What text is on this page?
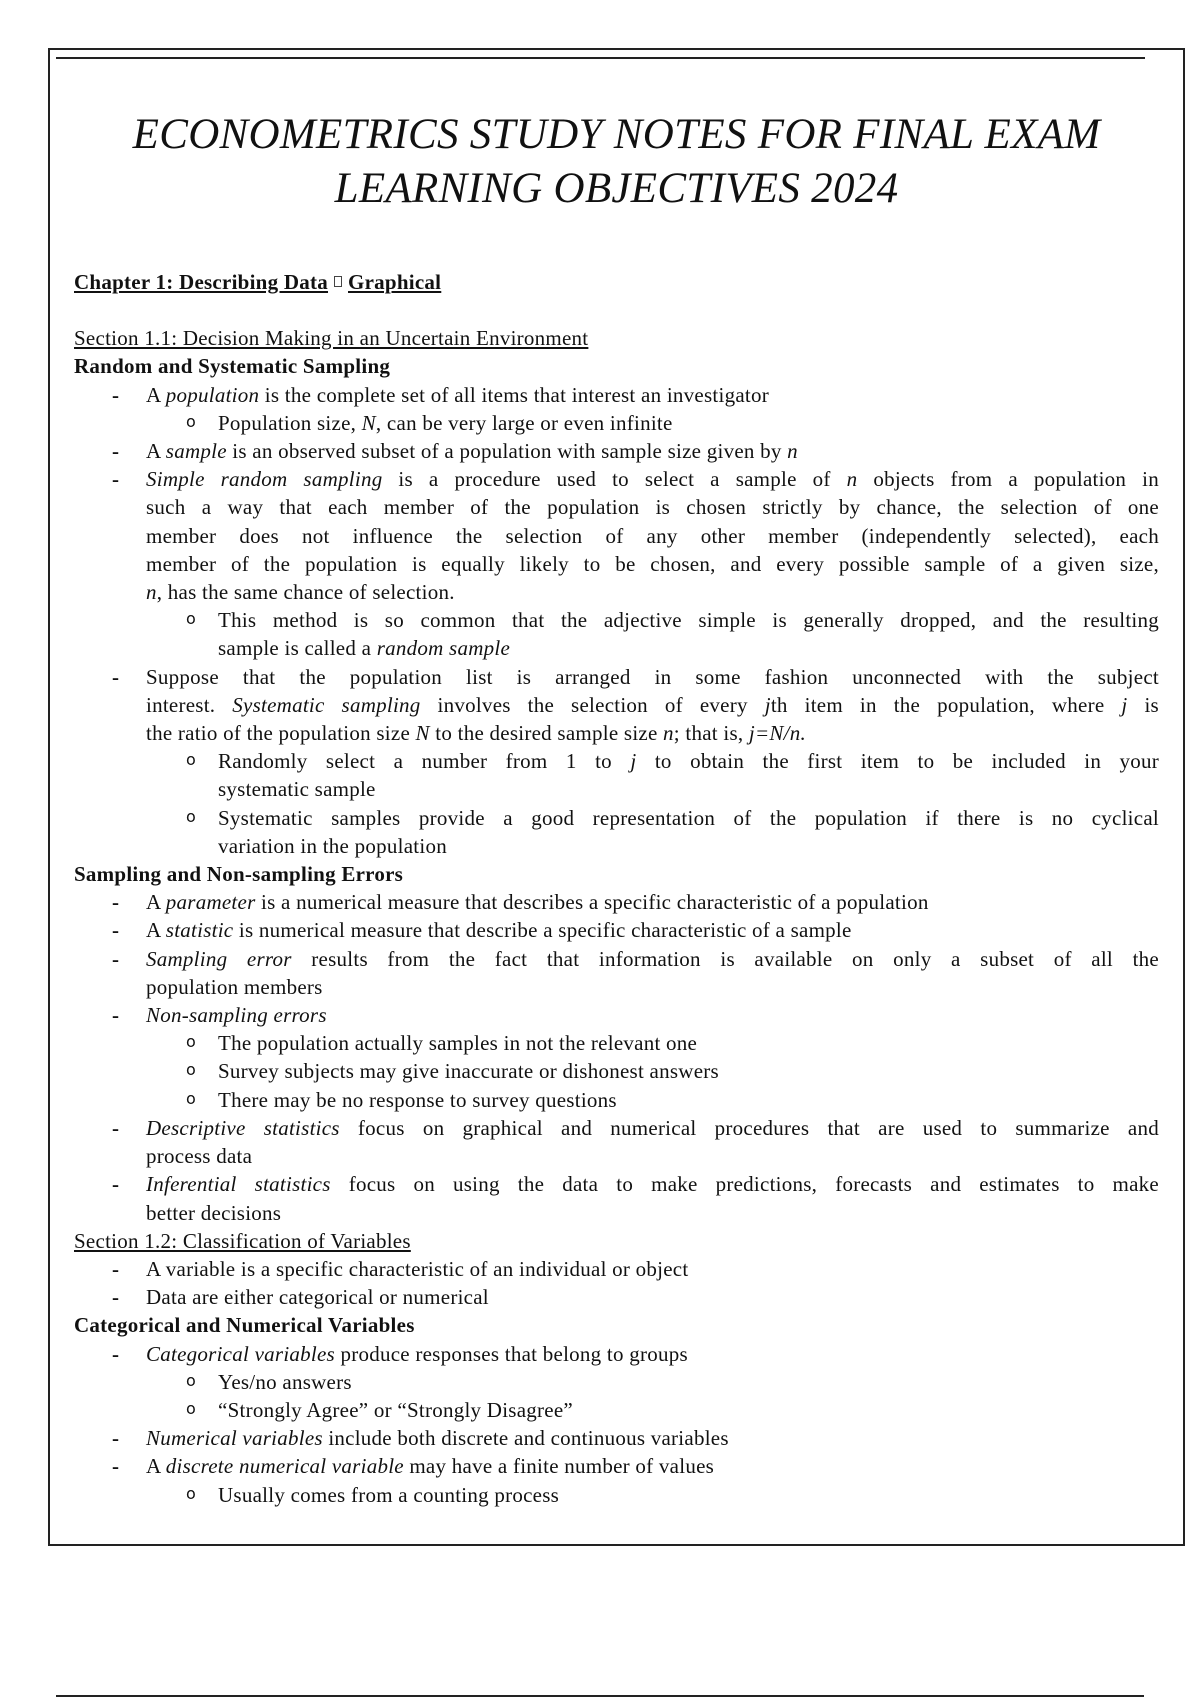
ECONOMETRICS STUDY NOTES FOR FINAL EXAM
LEARNING OBJECTIVES 2024
Chapter 1: Describing Data Graphical
Section 1.1: Decision Making in an Uncertain Environment
Random and Systematic Sampling
- A population is the complete set of all items that interest an investigator
o Population size, N, can be very large or even infinite
- A sample is an observed subset of a population with sample size given by n
- Simple random sampling is a procedure used to select a sample of n objects from a population in
such a way that each member of the population is chosen strictly by chance, the selection of one
member does not influence the selection of any other member (independently selected), each
member of the population is equally likely to be chosen, and every possible sample of a given size,
n, has the same chance of selection.
o This method is so common that the adjective simple is generally dropped, and the resulting
sample is called a random sample
- Suppose that the population list is arranged in some fashion unconnected with the subject
interest. Systematic sampling involves the selection of every jth item in the population, where j is
the ratio of the population size N to the desired sample size n; that is, j=N/n.
o Randomly select a number from 1 to j to obtain the first item to be included in your
systematic sample
o Systematic samples provide a good representation of the population if there is no cyclical
variation in the population
Sampling and Non-sampling Errors
- A parameter is a numerical measure that describes a specific characteristic of a population
- A statistic is numerical measure that describe a specific characteristic of a sample
- Sampling error results from the fact that information is available on only a subset of all the
population members
- Non-sampling errors
o The population actually samples in not the relevant one
o Survey subjects may give inaccurate or dishonest answers
o There may be no response to survey questions
- Descriptive statistics focus on graphical and numerical procedures that are used to summarize and
process data
- Inferential statistics focus on using the data to make predictions, forecasts and estimates to make
better decisions
Section 1.2: Classification of Variables
- A variable is a specific characteristic of an individual or object
- Data are either categorical or numerical
Categorical and Numerical Variables
- Categorical variables produce responses that belong to groups
o Yes/no answers
o “Strongly Agree” or “Strongly Disagree”
- Numerical variables include both discrete and continuous variables
- A discrete numerical variable may have a finite number of values
o Usually comes from a counting process
